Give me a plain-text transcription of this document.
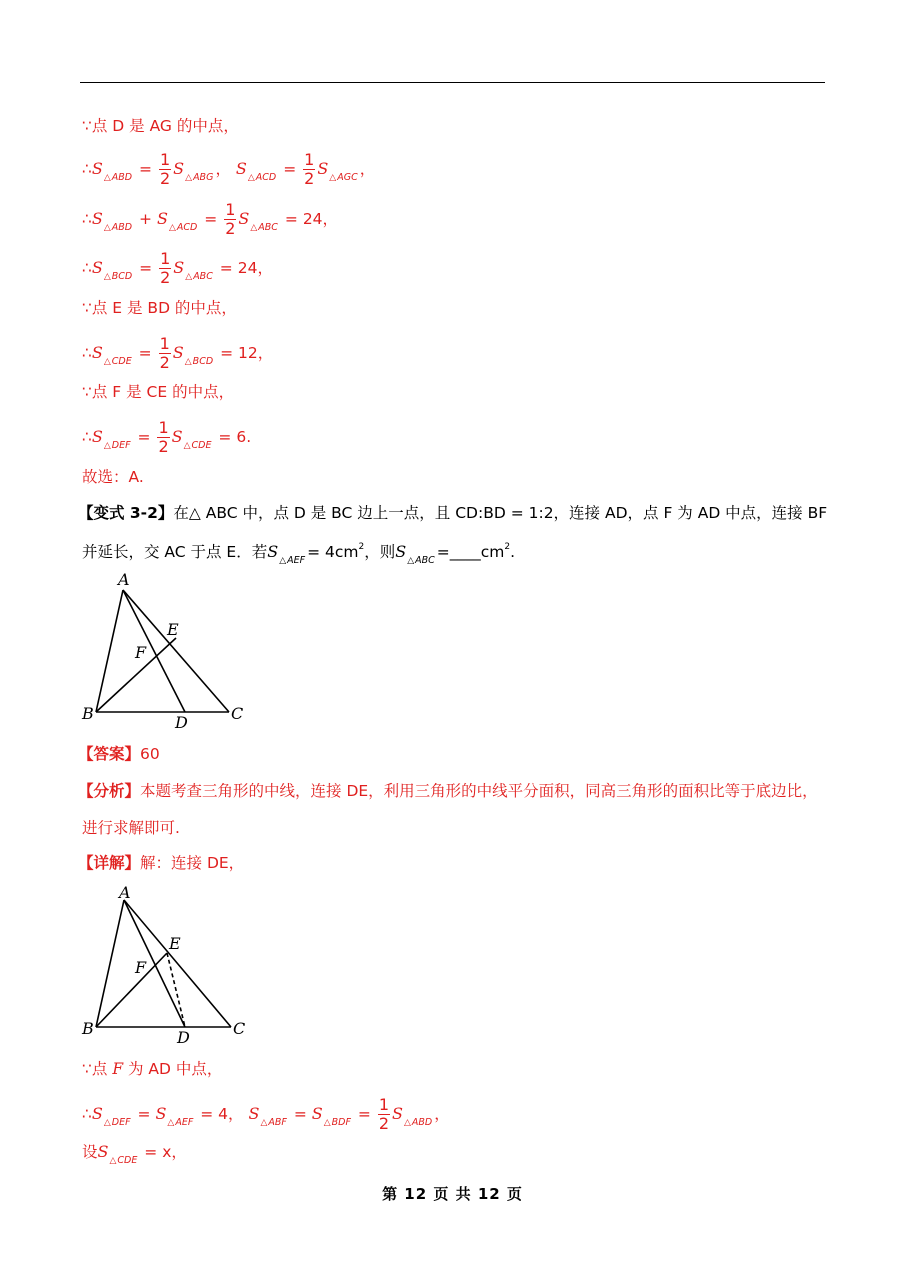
∵点 D 是 AG 的中点，
$\therefore S_{\triangle ABD} = \frac{1}{2} S_{\triangle ABG}$ ， $S_{\triangle ACD} = \frac{1}{2} S_{\triangle AGC}$ ，
$\therefore S_{\triangle ABD} + S_{\triangle ACD} = \frac{1}{2} S_{\triangle ABC} = 24$，
$\therefore S_{\triangle BCD} = \frac{1}{2} S_{\triangle ABC} = 24$，
∵点 E 是 BD 的中点，
$\therefore S_{\triangle CDE} = \frac{1}{2} S_{\triangle BCD} = 12$，
∵点 F 是 CE 的中点，
$\therefore S_{\triangle DEF} = \frac{1}{2} S_{\triangle CDE} = 6$.
故选：A.
【变式 3-2】在△ ABC 中，点 D 是 BC 边上一点，且 CD:BD = 1:2，连接 AD，点 F 为 AD 中点，连接 BF
并延长，交 AC 于点 E．若$S_{\triangle AEF} = 4cm^2$，则$S_{\triangle ABC}$ $=\_\_\_\_cm^2$.
A
B	C
D
E
F
【答案】60
【分析】本题考查三角形的中线，连接 DE，利用三角形的中线平分面积，同高三角形的面积比等于底边比，
进行求解即可.
【详解】解：连接 DE，
A
B	C
D
E
F
∵点 F 为 AD 中点，
$\therefore S_{\triangle DEF} = S_{\triangle AEF} = 4$， $S_{\triangle ABF} = S_{\triangle BDF} = \frac{1}{2} S_{\triangle ABD}$ ，
设$S_{\triangle CDE} = x$，
第 12 页 共 12 页
